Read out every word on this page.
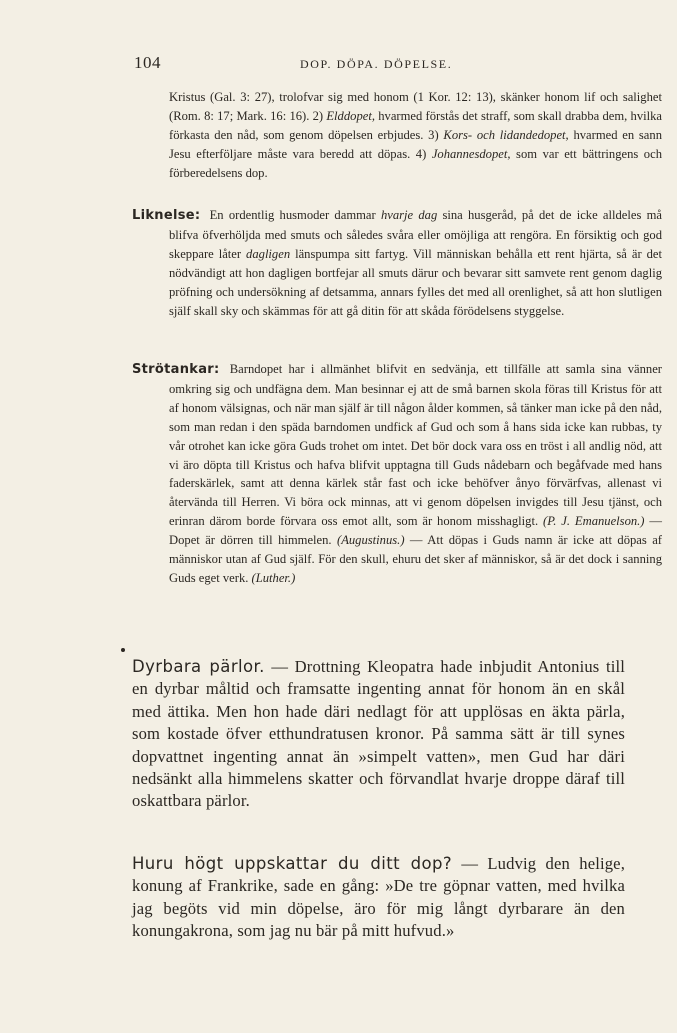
104	DOP. DÖPA. DÖPELSE.
Kristus (Gal. 3: 27), trolofvar sig med honom (1 Kor. 12: 13), skänker honom lif och salighet (Rom. 8: 17; Mark. 16: 16). 2) Elddopet, hvarmed förstås det straff, som skall drabba dem, hvilka förkasta den nåd, som genom döpelsen erbjudes. 3) Kors- och lidandedopet, hvarmed en sann Jesu efterföljare måste vara beredd att döpas. 4) Johannesdopet, som var ett bättringens och förberedelsens dop.
Liknelse: En ordentlig husmoder dammar hvarje dag sina husgeråd, på det de icke alldeles må blifva öfverhöljda med smuts och således svåra eller omöjliga att rengöra. En försiktig och god skeppare låter dagligen länspumpa sitt fartyg. Vill människan behålla ett rent hjärta, så är det nödvändigt att hon dagligen bortfejar all smuts därur och bevarar sitt samvete rent genom daglig pröfning och undersökning af detsamma, annars fylles det med all orenlighet, så att hon slutligen själf skall sky och skämmas för att gå ditin för att skåda förödelsens styggelse.
Strötankar: Barndopet har i allmänhet blifvit en sedvänja, ett tillfälle att samla sina vänner omkring sig och undfägna dem. Man besinnar ej att de små barnen skola föras till Kristus för att af honom välsignas, och när man själf är till någon ålder kommen, så tänker man icke på den nåd, som man redan i den späda barndomen undfick af Gud och som å hans sida icke kan rubbas, ty vår otrohet kan icke göra Guds trohet om intet. Det bör dock vara oss en tröst i all andlig nöd, att vi äro döpta till Kristus och hafva blifvit upptagna till Guds nådebarn och begåfvade med hans faderskärlek, samt att denna kärlek står fast och icke behöfver ånyo förvärfvas, allenast vi återvända till Herren. Vi böra ock minnas, att vi genom döpelsen invigdes till Jesu tjänst, och erinran därom borde förvara oss emot allt, som är honom misshagligt. (P. J. Emanuelson.) — Dopet är dörren till himmelen. (Augustinus.) — Att döpas i Guds namn är icke att döpas af människor utan af Gud själf. För den skull, ehuru det sker af människor, så är det dock i sanning Guds eget verk. (Luther.)
Dyrbara pärlor. — Drottning Kleopatra hade inbjudit Antonius till en dyrbar måltid och framsatte ingenting annat för honom än en skål med ättika. Men hon hade däri nedlagt för att upplösas en äkta pärla, som kostade öfver etthundratusen kronor. På samma sätt är till synes dopvattnet ingenting annat än »simpelt vatten», men Gud har däri nedsänkt alla himmelens skatter och förvandlat hvarje droppe däraf till oskattbara pärlor.
Huru högt uppskattar du ditt dop? — Ludvig den helige, konung af Frankrike, sade en gång: »De tre göpnar vatten, med hvilka jag begöts vid min döpelse, äro för mig långt dyrbarare än den konungakrona, som jag nu bär på mitt hufvud.»
